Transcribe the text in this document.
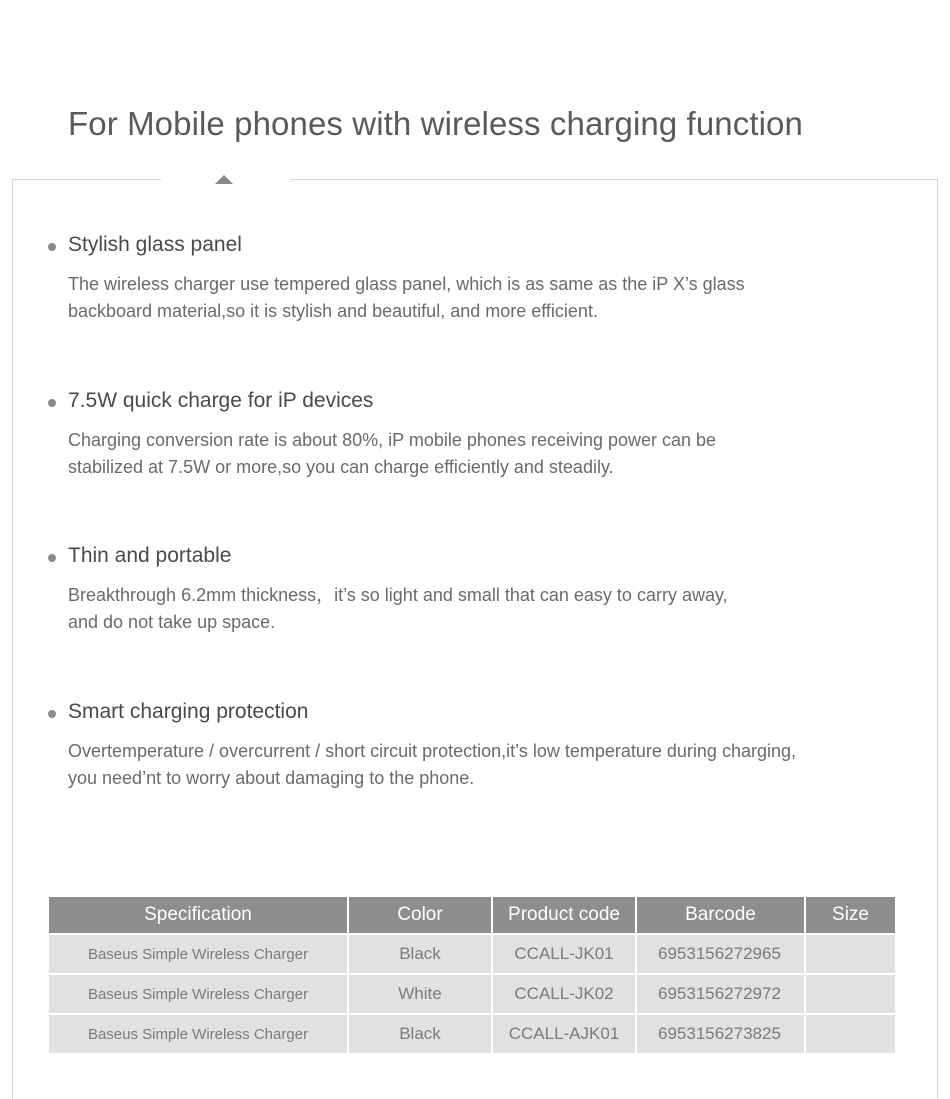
For Mobile phones with wireless charging function
Stylish glass panel
The wireless charger use tempered glass panel, which is as same as the iP X’s glass
backboard material,so it is stylish and beautiful, and more efficient.
7.5W quick charge for iP devices
Charging conversion rate is about 80%, iP mobile phones receiving power can be
stabilized at 7.5W or more,so you can charge efficiently and steadily.
Thin and portable
Breakthrough 6.2mm thickness，it’s so light and small that can easy to carry away,
and do not take up space.
Smart charging protection
Overtemperature / overcurrent / short circuit protection,it’s low temperature during charging,
you need’nt to worry about damaging to the phone.
Specification	Color	Product code	Barcode	Size
Baseus Simple Wireless Charger	Black	CCALL-JK01	6953156272965	
Baseus Simple Wireless Charger	White	CCALL-JK02	6953156272972	
Baseus Simple Wireless Charger	Black	CCALL-AJK01	6953156273825	
